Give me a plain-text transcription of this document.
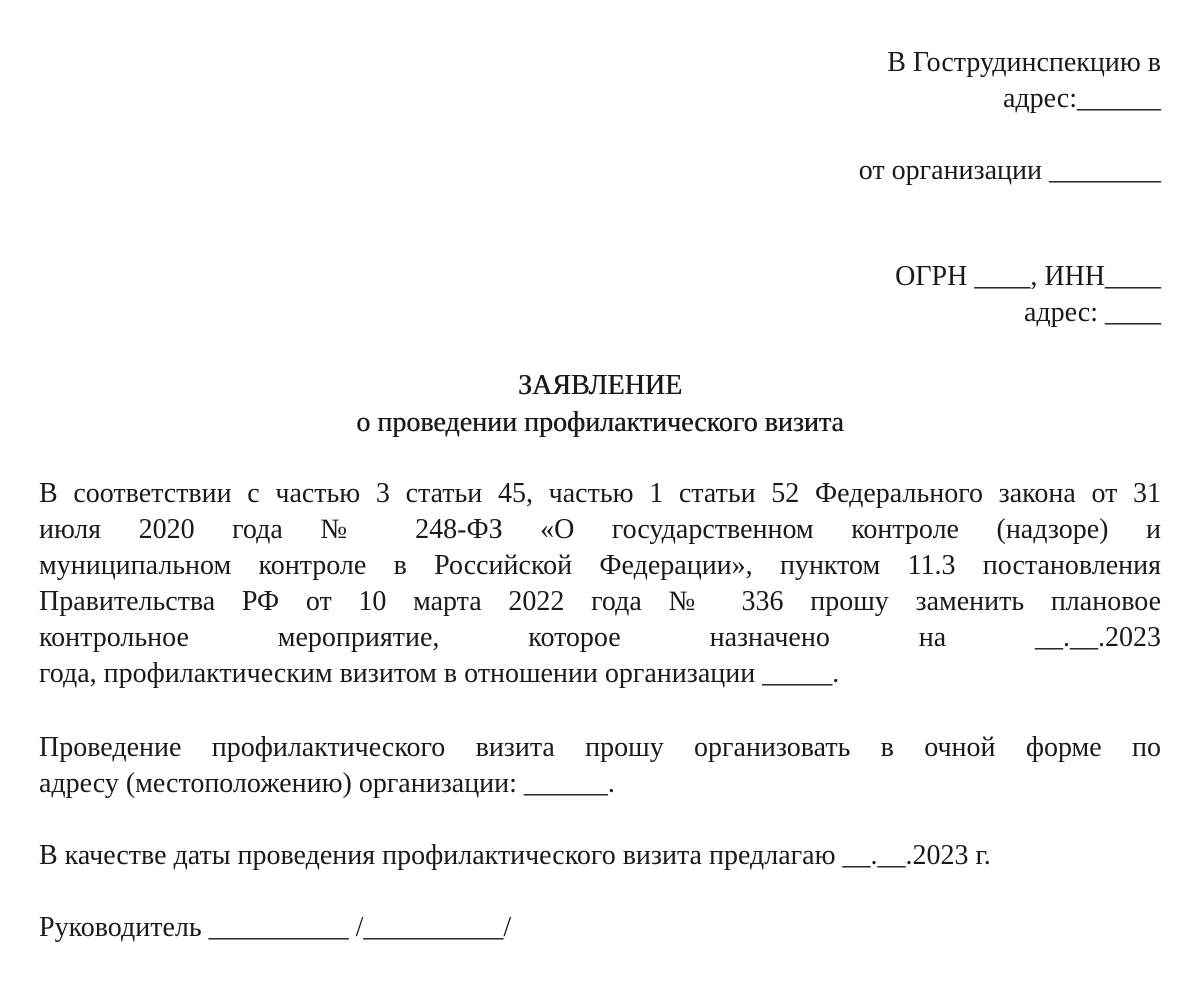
В Гострудинспекцию в
адрес:______
от организации ________
ОГРН ____, ИНН____
адрес: ____
ЗАЯВЛЕНИЕ
о проведении профилактического визита
В соответствии с частью 3 статьи 45, частью 1 статьи 52 Федерального закона от 31
июля 2020 года № 248-ФЗ «О государственном контроле (надзоре) и
муниципальном контроле в Российской Федерации», пунктом 11.3 постановления
Правительства РФ от 10 марта 2022 года № 336 прошу заменить плановое
контрольное мероприятие, которое назначено на __.__.2023
года, профилактическим визитом в отношении организации _____.
Проведение профилактического визита прошу организовать в очной форме по
адресу (местоположению) организации: ______.
В качестве даты проведения профилактического визита предлагаю __.__.2023 г.
Руководитель __________ /__________/
